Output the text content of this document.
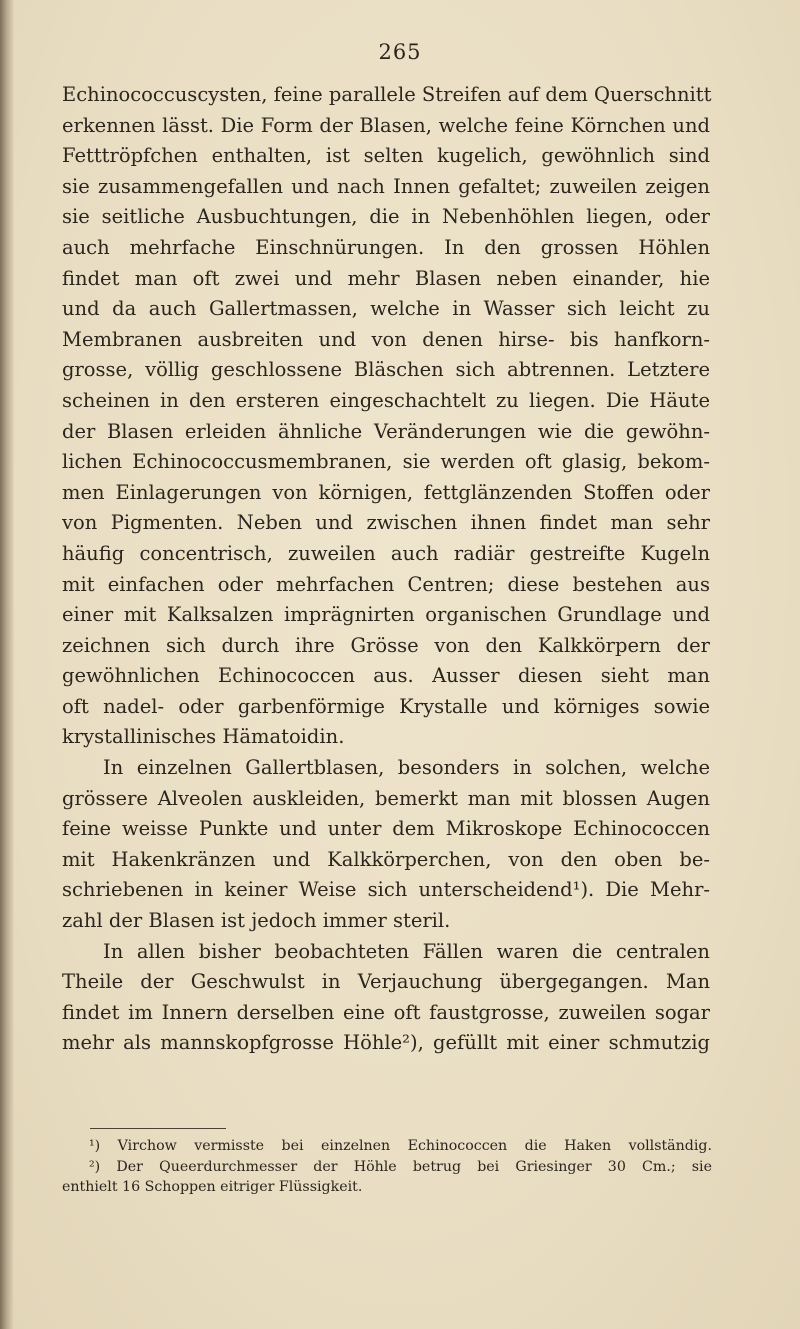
265
Echinococcuscysten, feine parallele Streifen auf dem Querschnitt
erkennen lässt. Die Form der Blasen, welche feine Körnchen und
Fetttröpfchen enthalten, ist selten kugelich, gewöhnlich sind
sie zusammengefallen und nach Innen gefaltet; zuweilen zeigen
sie seitliche Ausbuchtungen, die in Nebenhöhlen liegen, oder
auch mehrfache Einschnürungen. In den grossen Höhlen
findet man oft zwei und mehr Blasen neben einander, hie
und da auch Gallertmassen, welche in Wasser sich leicht zu
Membranen ausbreiten und von denen hirse- bis hanfkorn-
grosse, völlig geschlossene Bläschen sich abtrennen. Letztere
scheinen in den ersteren eingeschachtelt zu liegen. Die Häute
der Blasen erleiden ähnliche Veränderungen wie die gewöhn-
lichen Echinococcusmembranen, sie werden oft glasig, bekom-
men Einlagerungen von körnigen, fettglänzenden Stoffen oder
von Pigmenten. Neben und zwischen ihnen findet man sehr
häufig concentrisch, zuweilen auch radiär gestreifte Kugeln
mit einfachen oder mehrfachen Centren; diese bestehen aus
einer mit Kalksalzen imprägnirten organischen Grundlage und
zeichnen sich durch ihre Grösse von den Kalkkörpern der
gewöhnlichen Echinococcen aus. Ausser diesen sieht man
oft nadel- oder garbenförmige Krystalle und körniges sowie
krystallinisches Hämatoidin.
In einzelnen Gallertblasen, besonders in solchen, welche
grössere Alveolen auskleiden, bemerkt man mit blossen Augen
feine weisse Punkte und unter dem Mikroskope Echinococcen
mit Hakenkränzen und Kalkkörperchen, von den oben be-
schriebenen in keiner Weise sich unterscheidend¹). Die Mehr-
zahl der Blasen ist jedoch immer steril.
In allen bisher beobachteten Fällen waren die centralen
Theile der Geschwulst in Verjauchung übergegangen. Man
findet im Innern derselben eine oft faustgrosse, zuweilen sogar
mehr als mannskopfgrosse Höhle²), gefüllt mit einer schmutzig
¹) Virchow vermisste bei einzelnen Echinococcen die Haken vollständig.
²) Der Queerdurchmesser der Höhle betrug bei Griesinger 30 Cm.; sie
enthielt 16 Schoppen eitriger Flüssigkeit.
